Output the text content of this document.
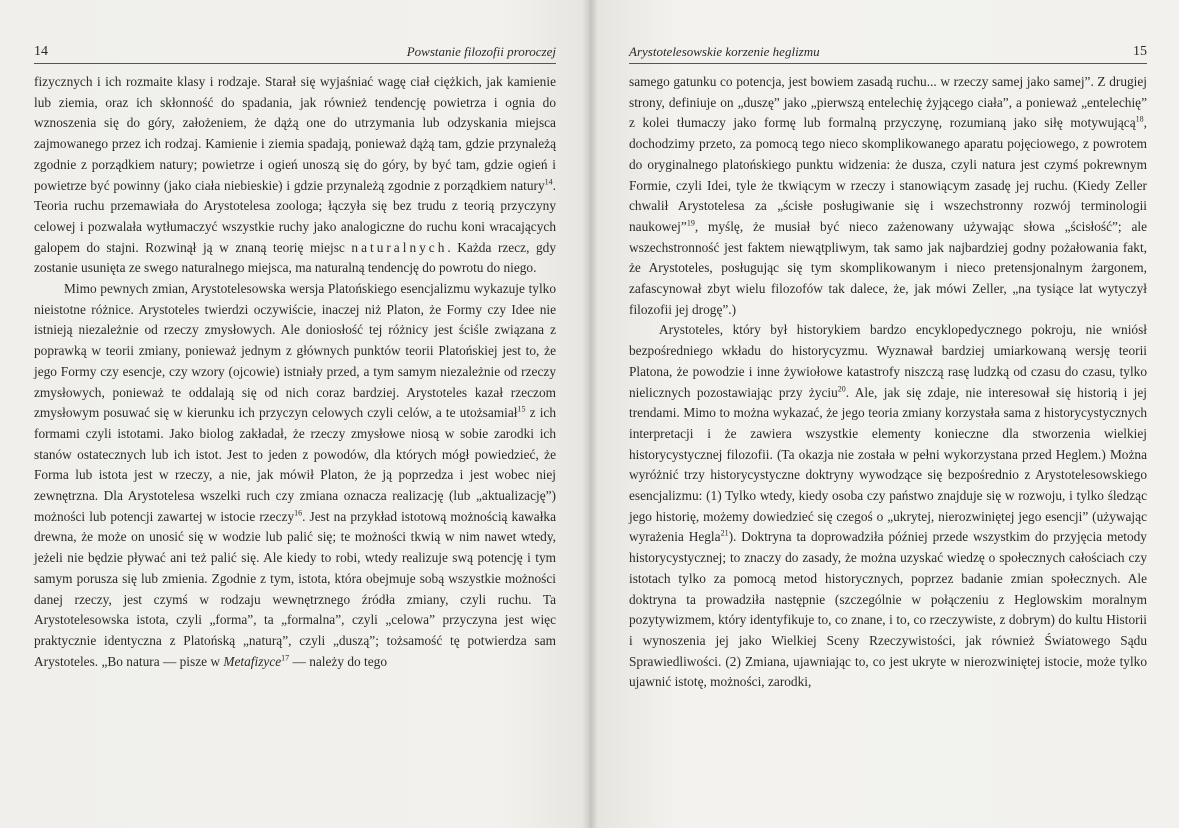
14	Powstanie filozofii proroczej

fizycznych i ich rozmaite klasy i rodzaje. Starał się wyjaśniać wagę ciał ciężkich, jak kamienie lub ziemia, oraz ich skłonność do spadania, jak również tendencję powietrza i ognia do wznoszenia się do góry, założeniem, że dążą one do utrzymania lub odzyskania miejsca zajmowanego przez ich rodzaj. Kamienie i ziemia spadają, ponieważ dążą tam, gdzie przynależą zgodnie z porządkiem natury; powietrze i ogień unoszą się do góry, by być tam, gdzie ogień i powietrze być powinny (jako ciała niebieskie) i gdzie przynależą zgodnie z porządkiem natury$^{14}$. Teoria ruchu przemawiała do Arystotelesa zoologa; łączyła się bez trudu z teorią przyczyny celowej i pozwalała wytłumaczyć wszystkie ruchy jako analogiczne do ruchu koni wracających galopem do stajni. Rozwinął ją w znaną teorię miejsc naturalnych. Każda rzecz, gdy zostanie usunięta ze swego naturalnego miejsca, ma naturalną tendencję do powrotu do niego.

Mimo pewnych zmian, Arystotelesowska wersja Platońskiego esencjalizmu wykazuje tylko nieistotne różnice. Arystoteles twierdzi oczywiście, inaczej niż Platon, że Formy czy Idee nie istnieją niezależnie od rzeczy zmysłowych. Ale doniosłość tej różnicy jest ściśle związana z poprawką w teorii zmiany, ponieważ jednym z głównych punktów teorii Platońskiej jest to, że jego Formy czy esencje, czy wzory (ojcowie) istniały przed, a tym samym niezależnie od rzeczy zmysłowych, ponieważ te oddalają się od nich coraz bardziej. Arystoteles kazał rzeczom zmysłowym posuwać się w kierunku ich przyczyn celowych czyli celów, a te utożsamiał$^{15}$ z ich formami czyli istotami. Jako biolog zakładał, że rzeczy zmysłowe niosą w sobie zarodki ich stanów ostatecznych lub ich istot. Jest to jeden z powodów, dla których mógł powiedzieć, że Forma lub istota jest w rzeczy, a nie, jak mówił Platon, że ją poprzedza i jest wobec niej zewnętrzna. Dla Arystotelesa wszelki ruch czy zmiana oznacza realizację (lub „aktualizację”) możności lub potencji zawartej w istocie rzeczy$^{16}$. Jest na przykład istotową możnością kawałka drewna, że może on unosić się w wodzie lub palić się; te możności tkwią w nim nawet wtedy, jeżeli nie będzie pływać ani też palić się. Ale kiedy to robi, wtedy realizuje swą potencję i tym samym porusza się lub zmienia. Zgodnie z tym, istota, która obejmuje sobą wszystkie możności danej rzeczy, jest czymś w rodzaju wewnętrznego źródła zmiany, czyli ruchu. Ta Arystotelesowska istota, czyli „forma”, ta „formalna”, czyli „celowa” przyczyna jest więc praktycznie identyczna z Platońską „naturą”, czyli „duszą”; tożsamość tę potwierdza sam Arystoteles. „Bo natura — pisze w Metafizyce$^{17}$ — należy do tego

Arystotelesowskie korzenie heglizmu	15

samego gatunku co potencja, jest bowiem zasadą ruchu... w rzeczy samej jako samej”. Z drugiej strony, definiuje on „duszę” jako „pierwszą entelechię żyjącego ciała”, a ponieważ „entelechię” z kolei tłumaczy jako formę lub formalną przyczynę, rozumianą jako siłę motywującą$^{18}$, dochodzimy przeto, za pomocą tego nieco skomplikowanego aparatu pojęciowego, z powrotem do oryginalnego platońskiego punktu widzenia: że dusza, czyli natura jest czymś pokrewnym Formie, czyli Idei, tyle że tkwiącym w rzeczy i stanowiącym zasadę jej ruchu. (Kiedy Zeller chwalił Arystotelesa za „ścisłe posługiwanie się i wszechstronny rozwój terminologii naukowej”$^{19}$, myślę, że musiał być nieco zażenowany używając słowa „ścisłość”; ale wszechstronność jest faktem niewątpliwym, tak samo jak najbardziej godny pożałowania fakt, że Arystoteles, posługując się tym skomplikowanym i nieco pretensjonalnym żargonem, zafascynował zbyt wielu filozofów tak dalece, że, jak mówi Zeller, „na tysiące lat wytyczył filozofii jej drogę”.)

Arystoteles, który był historykiem bardzo encyklopedycznego pokroju, nie wniósł bezpośredniego wkładu do historycyzmu. Wyznawał bardziej umiarkowaną wersję teorii Platona, że powodzie i inne żywiołowe katastrofy niszczą rasę ludzką od czasu do czasu, tylko nielicznych pozostawiając przy życiu$^{20}$. Ale, jak się zdaje, nie interesował się historią i jej trendami. Mimo to można wykazać, że jego teoria zmiany korzystała sama z historycystycznych interpretacji i że zawiera wszystkie elementy konieczne dla stworzenia wielkiej historycystycznej filozofii. (Ta okazja nie została w pełni wykorzystana przed Heglem.) Można wyróżnić trzy historycystyczne doktryny wywodzące się bezpośrednio z Arystotelesowskiego esencjalizmu: (1) Tylko wtedy, kiedy osoba czy państwo znajduje się w rozwoju, i tylko śledząc jego historię, możemy dowiedzieć się czegoś o „ukrytej, nierozwiniętej jego esencji” (używając wyrażenia Hegla$^{21}$). Doktryna ta doprowadziła później przede wszystkim do przyjęcia metody historycystycznej; to znaczy do zasady, że można uzyskać wiedzę o społecznych całościach czy istotach tylko za pomocą metod historycznych, poprzez badanie zmian społecznych. Ale doktryna ta prowadziła następnie (szczególnie w połączeniu z Heglowskim moralnym pozytywizmem, który identyfikuje to, co znane, i to, co rzeczywiste, z dobrym) do kultu Historii i wynoszenia jej jako Wielkiej Sceny Rzeczywistości, jak również Światowego Sądu Sprawiedliwości. (2) Zmiana, ujawniając to, co jest ukryte w nierozwiniętej istocie, może tylko ujawnić istotę, możności, zarodki,
